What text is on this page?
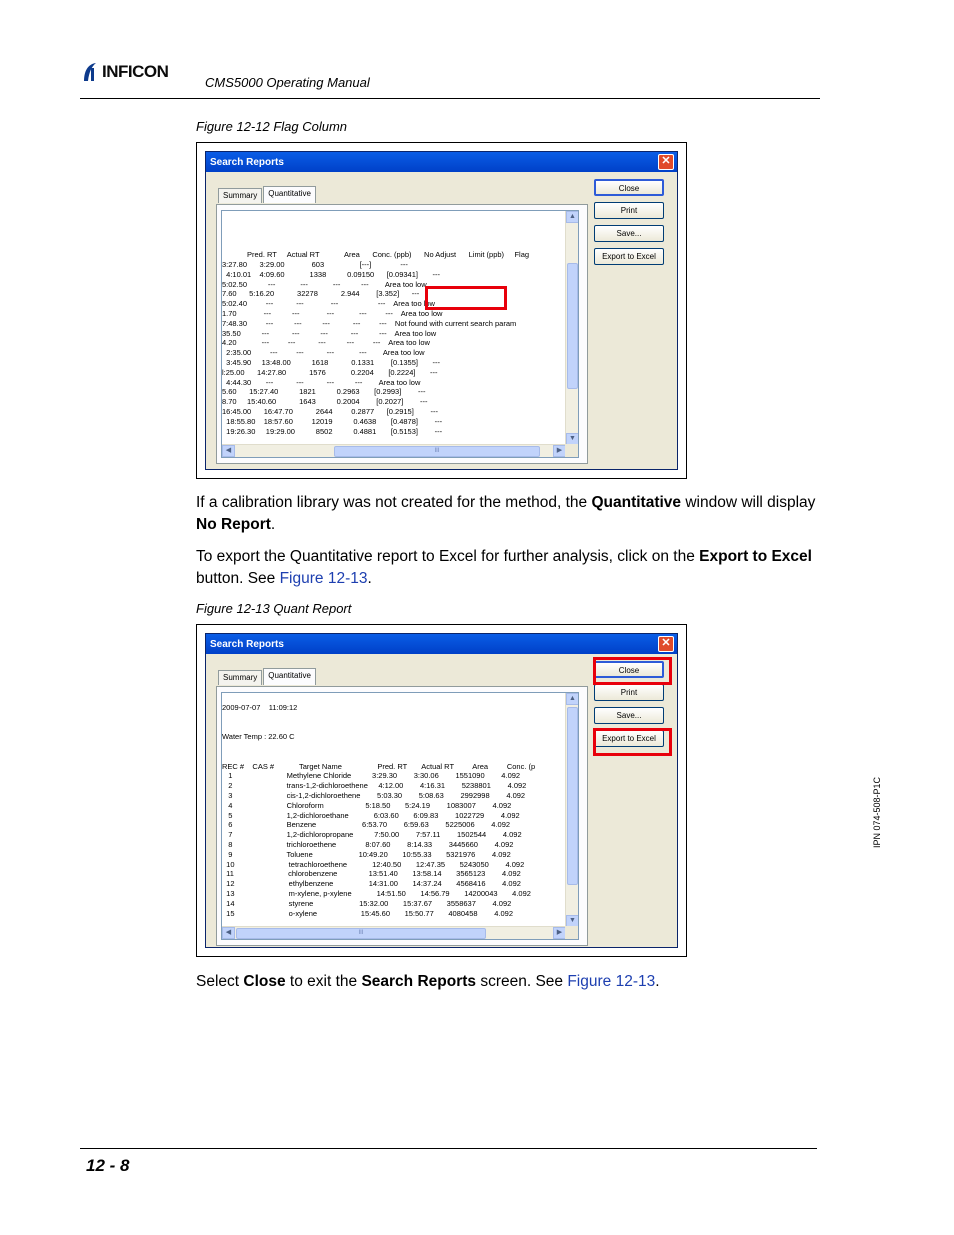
INFICON
CMS5000 Operating Manual
Figure 12-12 Flag Column
Search Reports	✕
Summary	Quantitative

Pred. RT     Actual RT            Area      Conc. (ppb)      No Adjust      Limit (ppb)     Flag
3:27.80      3:29.00             603                 [---]              ---
4:10.01    4:09.60            1338          0.09150      [0.09341]       ---
5:02.50          ---            ---            ---          ---        Area too low
7.60      5:16.20           32278           2.944        [3.352]      ---
5:02.40         ---           ---             ---                   ---    Area too low
1.70             ---          ---             ---            ---         ---    Area too low
7:48.30         ---          ---          ---           ---         ---    Not found with current search param
35.50          ---           ---          ---           ---          ---    Area too low
4.20            ---         ---           ---          ---         ---    Area too low
2:35.00         ---         ---           ---            ---        Area too low
3:45.90     13:48.00          1618           0.1331        [0.1355]       ---
l:25.00      14:27.80           1576            0.2204       [0.2224]       ---
4:44.30       ---           ---           ---          ---        Area too low
5.60      15:27.40          1821          0.2963       [0.2993]        ---
8.70     15:40.60           1643          0.2004        [0.2027]        ---
16:45.00      16:47.70           2644         0.2877      [0.2915]        ---
18:55.80    18:57.60         12019          0.4638       [0.4878]        ---
19:26.30     19:29.00          8502          0.4881       [0.5153]        ---
▲
▼
◀	III	▶
Close
Print
Save...
Export to Excel
If a calibration library was not created for the method, the Quantitative window will display No Report.
To export the Quantitative report to Excel for further analysis, click on the Export to Excel button. See Figure 12-13.
Figure 12-13 Quant Report
Search Reports	✕
Summary	Quantitative

2009-07-07    11:09:12

Water Temp : 22.60 C

REC #    CAS #            Target Name                 Pred. RT       Actual RT         Area         Conc. (p
1                          Methylene Chloride          3:29.30        3:30.06        1551090        4.092
2                          trans-1,2-dichloroethene     4:12.00        4:16.31        5238801        4.092
3                          cis-1,2-dichloroethene        5:03.30        5:08.63        2992998        4.092
4                          Chloroform                    5:18.50       5:24.19        1083007        4.092
5                          1,2-dichloroethane            6:03.60       6:09.83        1022729        4.092
6                          Benzene                      6:53.70        6:59.63        5225006        4.092
7                          1,2-dichloropropane          7:50.00        7:57.11        1502544        4.092
8                          trichloroethene              8:07.60        8:14.33        3445660        4.092
9                          Toluene                      10:49.20       10:55.33       5321976        4.092
10                          tetrachloroethene            12:40.50       12:47.35       5243050        4.092
11                          chlorobenzene               13:51.40       13:58.14       3565123        4.092
12                          ethylbenzene                 14:31.00       14:37.24       4568416        4.092
13                          m-xylene, p-xylene            14:51.50       14:56.79       14200043       4.092
14                          styrene                      15:32.00       15:37.67       3558637        4.092
15                          o-xylene                     15:45.60       15:50.77       4080458        4.092
▲
▼
◀	III	▶
Close
Print
Save...
Export to Excel
Select Close to exit the Search Reports screen. See Figure 12-13.
IPN 074-508-P1C
12 - 8
